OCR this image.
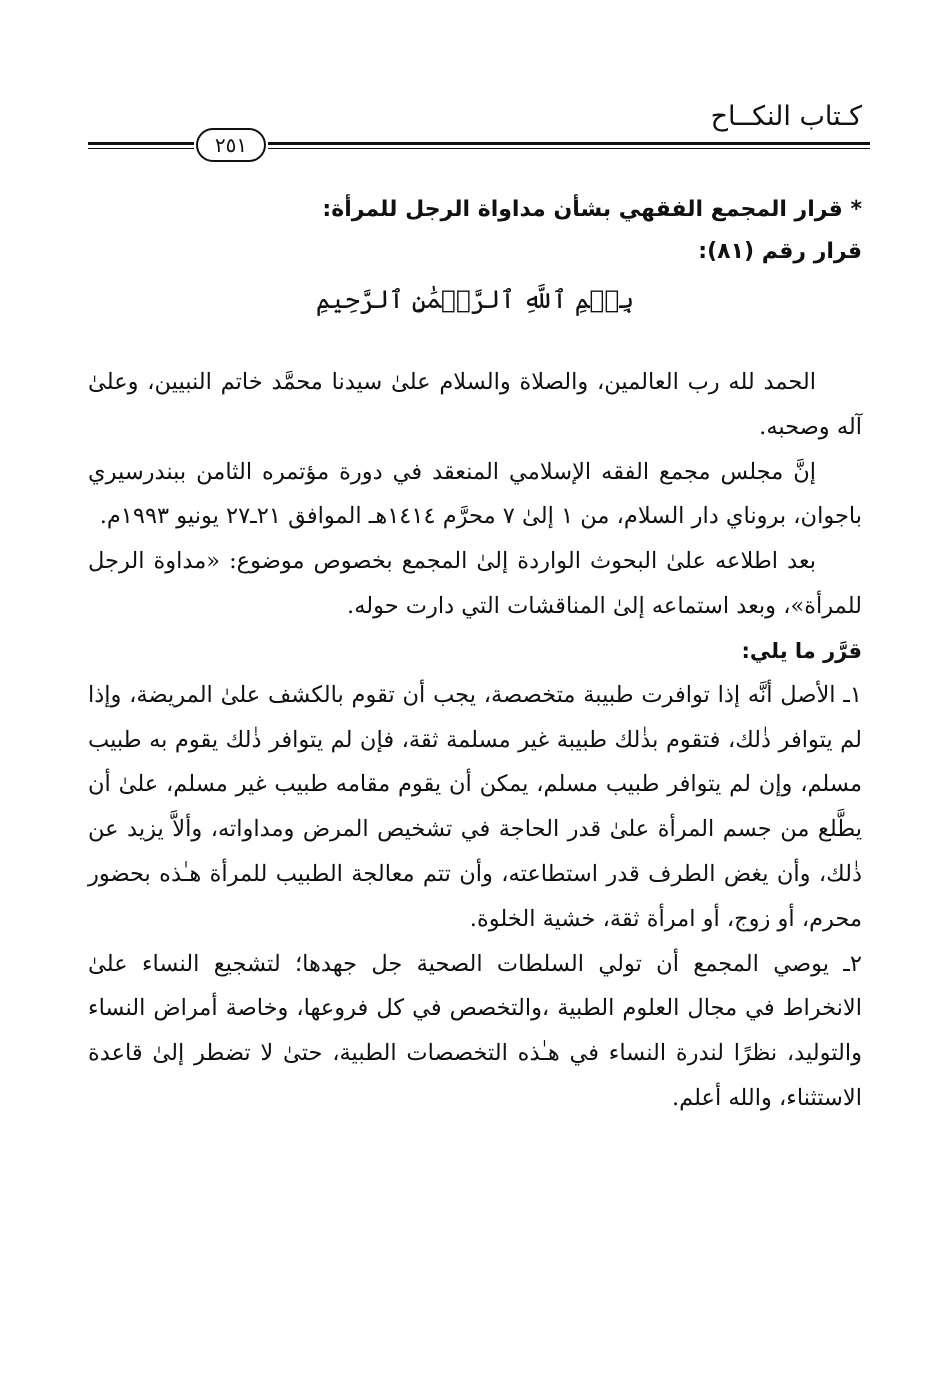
كـتاب النكــاح
٢٥١

* قرار المجمع الفقهي بشأن مداواة الرجل للمرأة:

قرار رقم (٨١):

بِسۡمِ ٱللَّهِ ٱلرَّحۡمَٰنِ ٱلرَّحِيمِ

الحمد لله رب العالمين، والصلاة والسلام علىٰ سيدنا محمَّد خاتم النبيين، وعلىٰ آله وصحبه.

إنَّ مجلس مجمع الفقه الإسلامي المنعقد في دورة مؤتمره الثامن ببندرسيري باجوان، بروناي دار السلام، من ١ إلىٰ ٧ محرَّم ١٤١٤هـ الموافق ٢١ـ٢٧ يونيو ١٩٩٣م.

بعد اطلاعه علىٰ البحوث الواردة إلىٰ المجمع بخصوص موضوع: «مداوة الرجل للمرأة»، وبعد استماعه إلىٰ المناقشات التي دارت حوله.

قرَّر ما يلي:

١ـ الأصل أنَّه إذا توافرت طبيبة متخصصة، يجب أن تقوم بالكشف علىٰ المريضة، وإذا لم يتوافر ذٰلك، فتقوم بذٰلك طبيبة غير مسلمة ثقة، فإن لم يتوافر ذٰلك يقوم به طبيب مسلم، وإن لم يتوافر طبيب مسلم، يمكن أن يقوم مقامه طبيب غير مسلم، علىٰ أن يطَّلع من جسم المرأة علىٰ قدر الحاجة في تشخيص المرض ومداواته، وألاَّ يزيد عن ذٰلك، وأن يغض الطرف قدر استطاعته، وأن تتم معالجة الطبيب للمرأة هـٰذه بحضور محرم، أو زوج، أو امرأة ثقة، خشية الخلوة.

٢ـ يوصي المجمع أن تولي السلطات الصحية جل جهدها؛ لتشجيع النساء علىٰ الانخراط في مجال العلوم الطبية ،والتخصص في كل فروعها، وخاصة أمراض النساء والتوليد، نظرًا لندرة النساء في هـٰذه التخصصات الطبية، حتىٰ لا تضطر إلىٰ قاعدة الاستثناء، والله أعلم.
